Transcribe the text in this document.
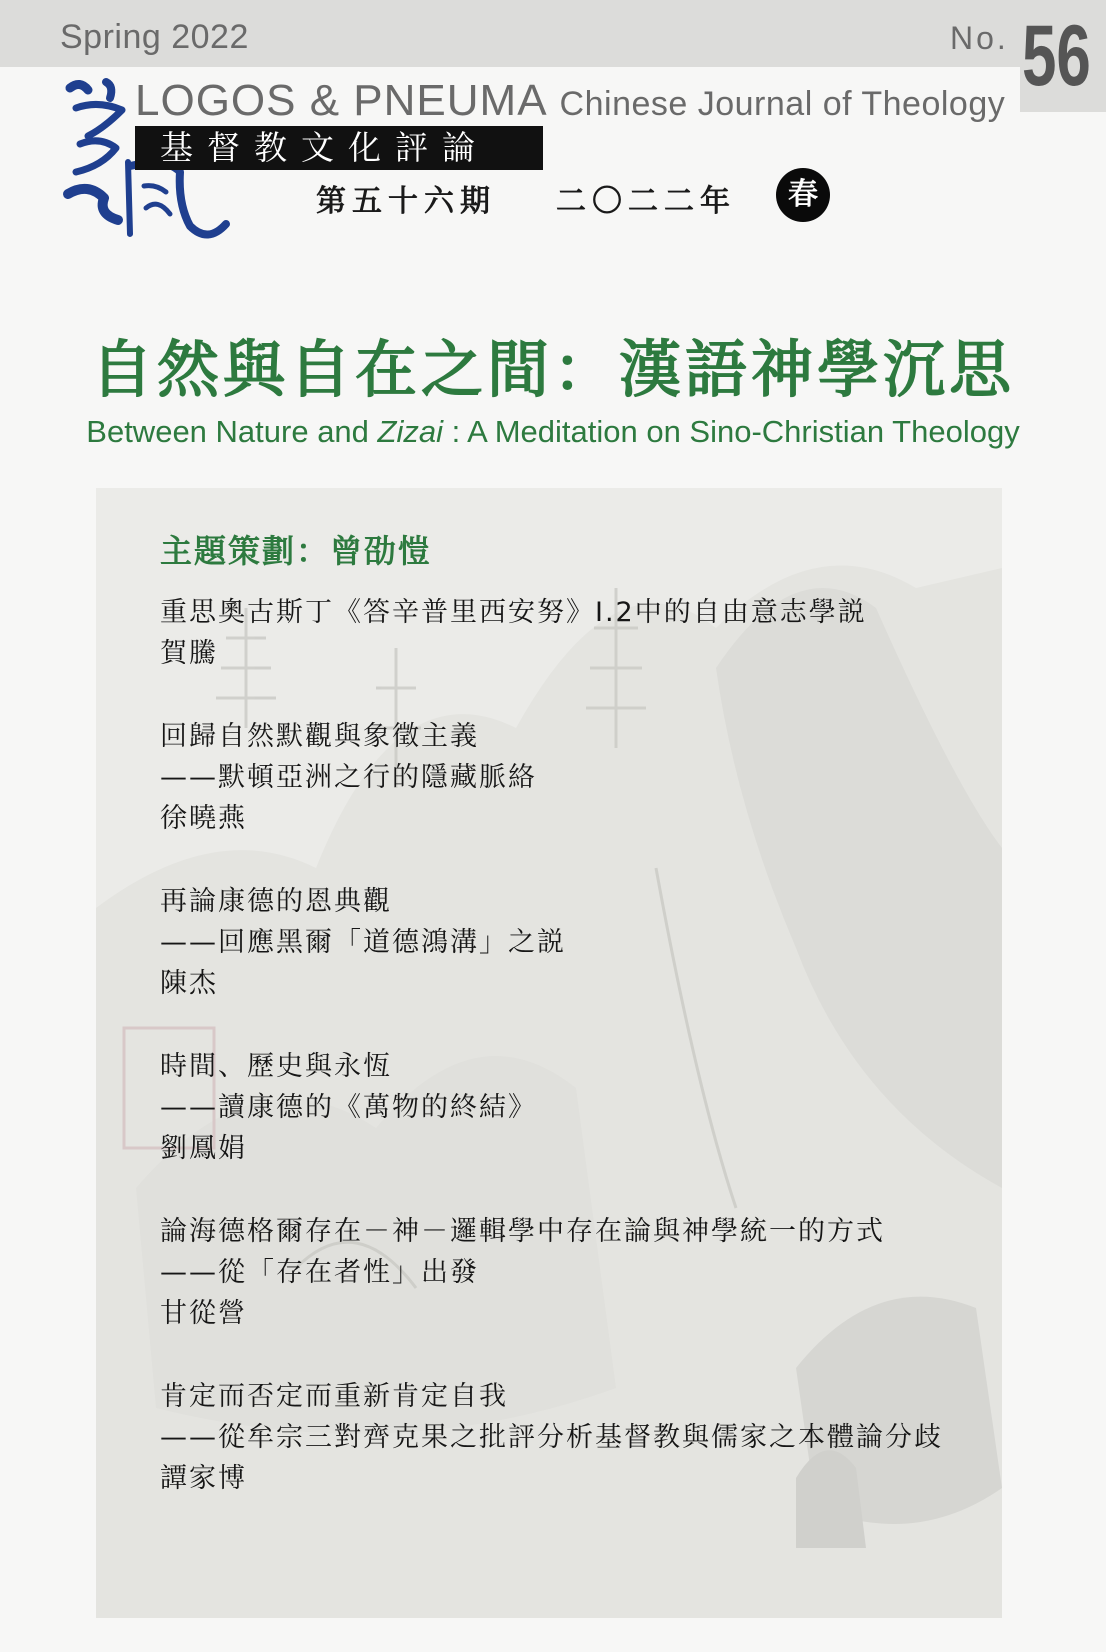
Spring 2022	No. 56
LOGOS & PNEUMA Chinese Journal of Theology
基督教文化評論
第五十六期 二〇二二年	春
自然與自在之間：漢語神學沉思
Between Nature and Zizai : A Meditation on Sino-Christian Theology
主題策劃：曾劭愷
重思奧古斯丁《答辛普里西安努》I.2中的自由意志學説
賀騰
回歸自然默觀與象徵主義
——默頓亞洲之行的隱藏脈絡
徐曉燕
再論康德的恩典觀
——回應黑爾「道德鴻溝」之説
陳杰
時間、歷史與永恆
——讀康德的《萬物的終結》
劉鳳娟
論海德格爾存在－神－邏輯學中存在論與神學統一的方式
——從「存在者性」出發
甘從營
肯定而否定而重新肯定自我
——從牟宗三對齊克果之批評分析基督教與儒家之本體論分歧
譚家博
